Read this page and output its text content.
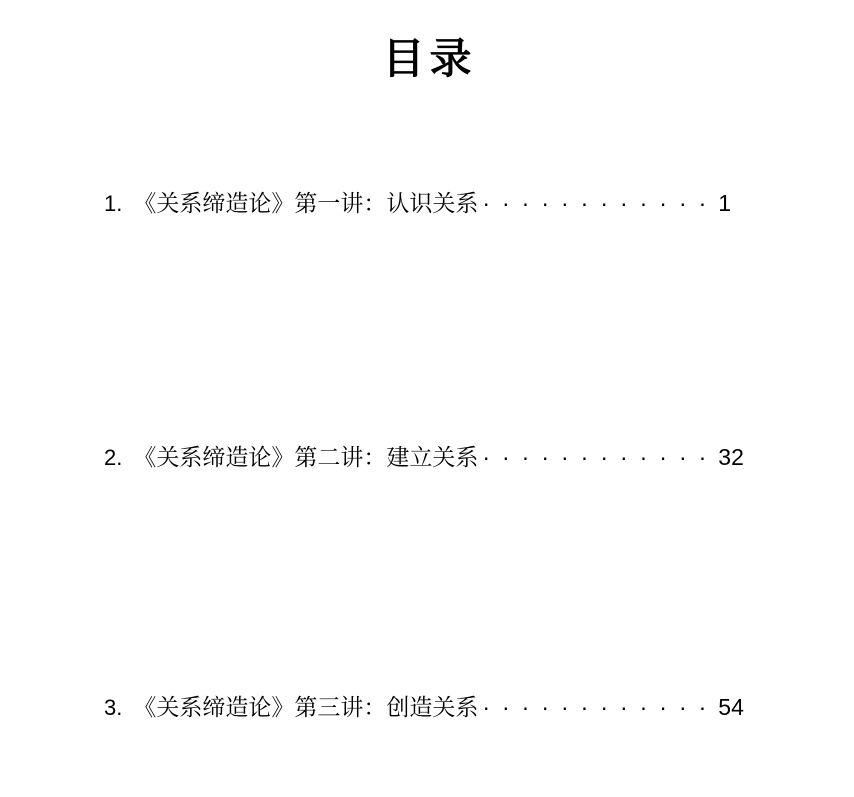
目录
1. 《关系缔造论》第一讲：认识关系 ············ 1
2. 《关系缔造论》第二讲：建立关系 ············ 32
3. 《关系缔造论》第三讲：创造关系 ············ 54
